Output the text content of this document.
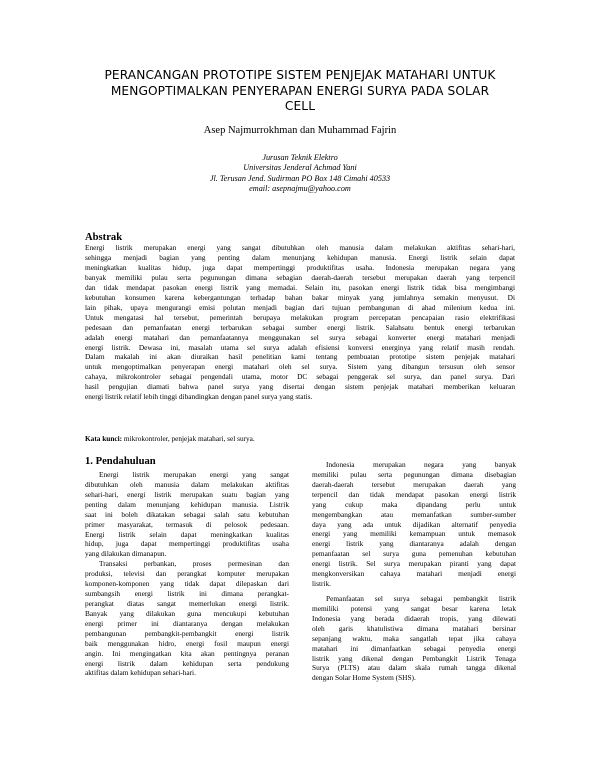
PERANCANGAN PROTOTIPE SISTEM PENJEJAK MATAHARI UNTUK
MENGOPTIMALKAN PENYERAPAN ENERGI SURYA PADA SOLAR
CELL
Asep Najmurrokhman dan Muhammad Fajrin
Jurusan Teknik Elektro
Universitas Jenderal Achmad Yani
Jl. Terusan Jend. Sudirman PO Box 148 Cimahi 40533
email: asepnajmu@yahoo.com
Abstrak
Energi listrik merupakan energi yang sangat dibutuhkan oleh manusia dalam melakukan aktifitas sehari-hari,
sehingga menjadi bagian yang penting dalam menunjang kehidupan manusia. Energi listrik selain dapat
meningkatkan kualitas hidup, juga dapat mempertinggi produktifitas usaha. Indonesia merupakan negara yang
banyak memiliki pulau serta pegunungan dimana sebagian daerah-daerah tersebut merupakan daerah yang terpencil
dan tidak mendapat pasokan energi listrik yang memadai. Selain itu, pasokan energi listrik tidak bisa mengimbangi
kebutuhan konsumen karena kebergantungan terhadap bahan bakar minyak yang jumlahnya semakin menyusut. Di
lain pihak, upaya mengurangi emisi polutan menjadi bagian dari tujuan pembangunan di ahad milenium kedua ini.
Untuk mengatasi hal tersebut, pemerintah berupaya melakukan program percepatan pencapaian rasio elektrifikasi
pedesaan dan pemanfaatan energi terbarukan sebagai sumber energi listrik. Salahsatu bentuk energi terbarukan
adalah energi matahari dan pemanfaatannya menggunakan sel surya sebagai konverter energi matahari menjadi
energi listrik. Dewasa ini, masalah utama sel surya adalah efisiensi konversi energinya yang relatif masih rendah.
Dalam makalah ini akan diuraikan hasil penelitian kami tentang pembuatan prototipe sistem penjejak matahari
untuk mengoptimalkan penyerapan energi matahari oleh sel surya. Sistem yang dibangun tersusun oleh sensor
cahaya, mikrokontroler sebagai pengendali utama, motor DC sebagai penggerak sel surya, dan panel surya. Dari
hasil pengujian diamati bahwa panel surya yang disertai dengan sistem penjejak matahari memberikan keluaran
energi listrik relatif lebih tinggi dibandingkan dengan panel surya yang statis.
Kata kunci: mikrokontroler, penjejak matahari, sel surya.
1. Pendahuluan
Energi listrik merupakan energi yang sangat
dibutuhkan oleh manusia dalam melakukan aktifitas
sehari-hari, energi listrik merupakan suatu bagian yang
penting dalam menunjang kehidupan manusia. Listrik
saat ini boleh dikatakan sebagai salah satu kebutuhan
primer masyarakat, termasuk di pelosok pedesaan.
Energi listrik selain dapat meningkatkan kualitas
hidup, juga dapat mempertinggi produktifitas usaha
yang dilakukan dimanapun.
Transaksi perbankan, proses permesinan dan
produksi, televisi dan perangkat komputer merupakan
komponen-komponen yang tidak dapat dilepaskan dari
sumbangsih energi listrik ini dimana perangkat-
perangkat diatas sangat memerlukan energi listrik.
Banyak yang dilakukan guna mencukupi kebutuhan
energi primer ini diantaranya dengan melakukan
pembangunan pembangkit-pembangkit energi listrik
baik menggunakan hidro, energi fosil maupun energi
angin. Ini mengingatkan kita akan pentingnya peranan
energi listrik dalam kehidupan serta pendukung
aktifitas dalam kehidupan sehari-hari.
Indonesia merupakan negara yang banyak
memiliki pulau serta pegunungan dimana disebagian
daerah-daerah tersebut merupakan daerah yang
terpencil dan tidak mendapat pasokan energi listrik
yang cukup maka dipandang perlu untuk
mengembangkan atau memanfatkan sumber-sumber
daya yang ada untuk dijadikan alternatif penyedia
energi yang memiliki kemampuan untuk memasok
energi listrik yang diantaranya adalah dengan
pemanfaatan sel surya guna pemenuhan kebutuhan
energi listrik. Sel surya merupakan piranti yang dapat
mengkonversikan cahaya matahari menjadi energi
listrik.
Pemanfaatan sel surya sebagai pembangkit listrik
memiliki potensi yang sangat besar karena letak
Indonesia yang berada didaerah tropis, yang dilewati
oleh garis khatulistiwa dimana matahari bersinar
sepanjang waktu, maka sangatlah tepat jika cahaya
matahari ini dimanfaatkan sebagai penyedia energi
listrik yang dikenal dengan Pembangkit Listrik Tenaga
Surya (PLTS) atau dalam skala rumah tangga dikenal
dengan Solar Home System (SHS).
